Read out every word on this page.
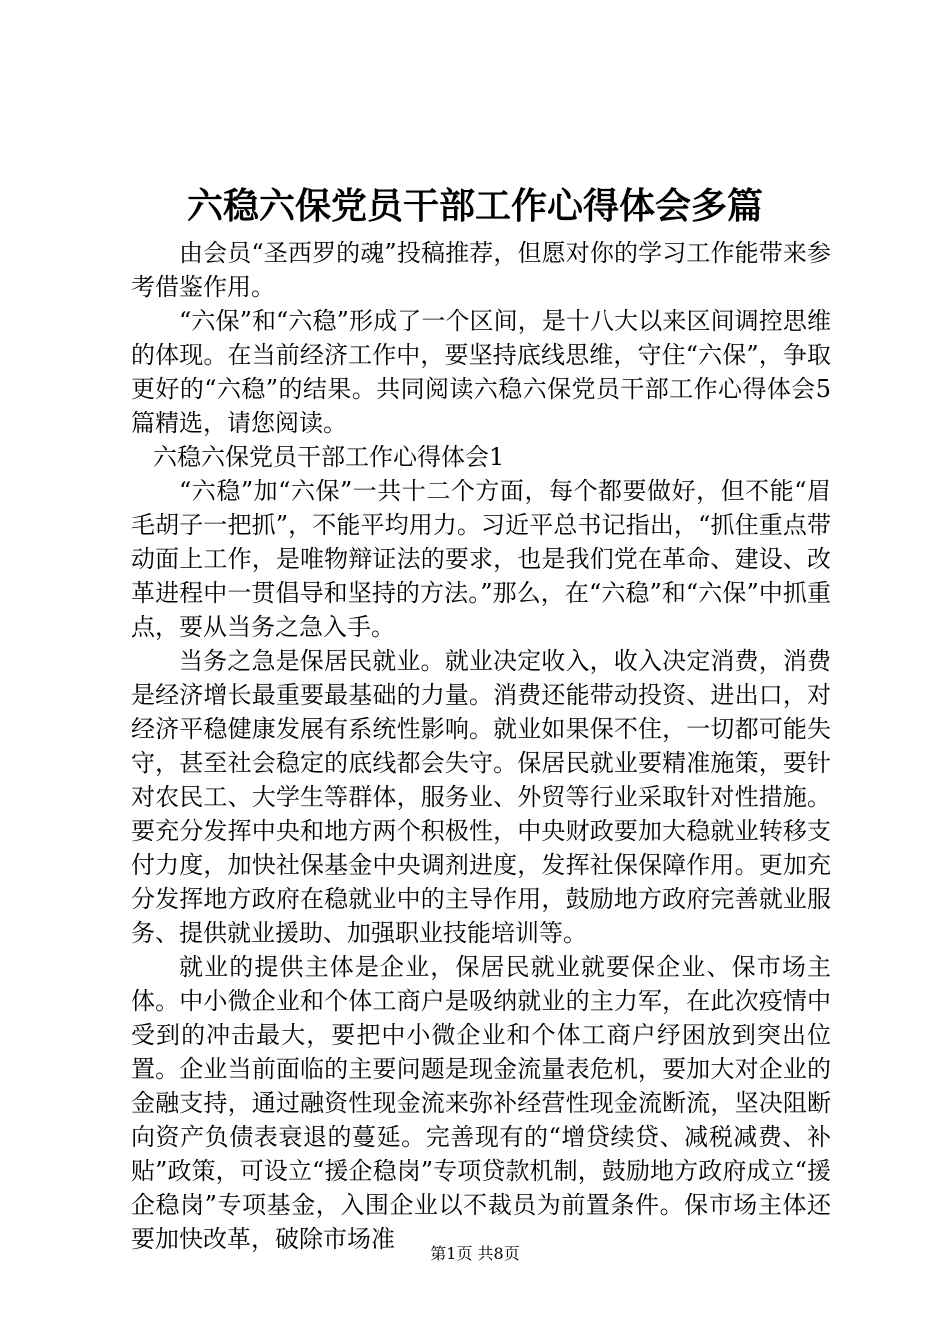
六稳六保党员干部工作心得体会多篇

由会员“圣西罗的魂”投稿推荐，但愿对你的学习工作能带来参考借鉴作用。

“六保”和“六稳”形成了一个区间，是十八大以来区间调控思维的体现。在当前经济工作中，要坚持底线思维，守住“六保”，争取更好的“六稳”的结果。共同阅读六稳六保党员干部工作心得体会5篇精选，请您阅读。

六稳六保党员干部工作心得体会1

“六稳”加“六保”一共十二个方面，每个都要做好，但不能“眉毛胡子一把抓”，不能平均用力。习近平总书记指出，“抓住重点带动面上工作，是唯物辩证法的要求，也是我们党在革命、建设、改革进程中一贯倡导和坚持的方法。”那么，在“六稳”和“六保”中抓重点，要从当务之急入手。

当务之急是保居民就业。就业决定收入，收入决定消费，消费是经济增长最重要最基础的力量。消费还能带动投资、进出口，对经济平稳健康发展有系统性影响。就业如果保不住，一切都可能失守，甚至社会稳定的底线都会失守。保居民就业要精准施策，要针对农民工、大学生等群体，服务业、外贸等行业采取针对性措施。要充分发挥中央和地方两个积极性，中央财政要加大稳就业转移支付力度，加快社保基金中央调剂进度，发挥社保保障作用。更加充分发挥地方政府在稳就业中的主导作用，鼓励地方政府完善就业服务、提供就业援助、加强职业技能培训等。

就业的提供主体是企业，保居民就业就要保企业、保市场主体。中小微企业和个体工商户是吸纳就业的主力军，在此次疫情中受到的冲击最大，要把中小微企业和个体工商户纾困放到突出位置。企业当前面临的主要问题是现金流量表危机，要加大对企业的金融支持，通过融资性现金流来弥补经营性现金流断流，坚决阻断向资产负债表衰退的蔓延。完善现有的“增贷续贷、减税减费、补贴”政策，可设立“援企稳岗”专项贷款机制，鼓励地方政府成立“援企稳岗”专项基金，入围企业以不裁员为前置条件。保市场主体还要加快改革，破除市场准

第1页 共8页
